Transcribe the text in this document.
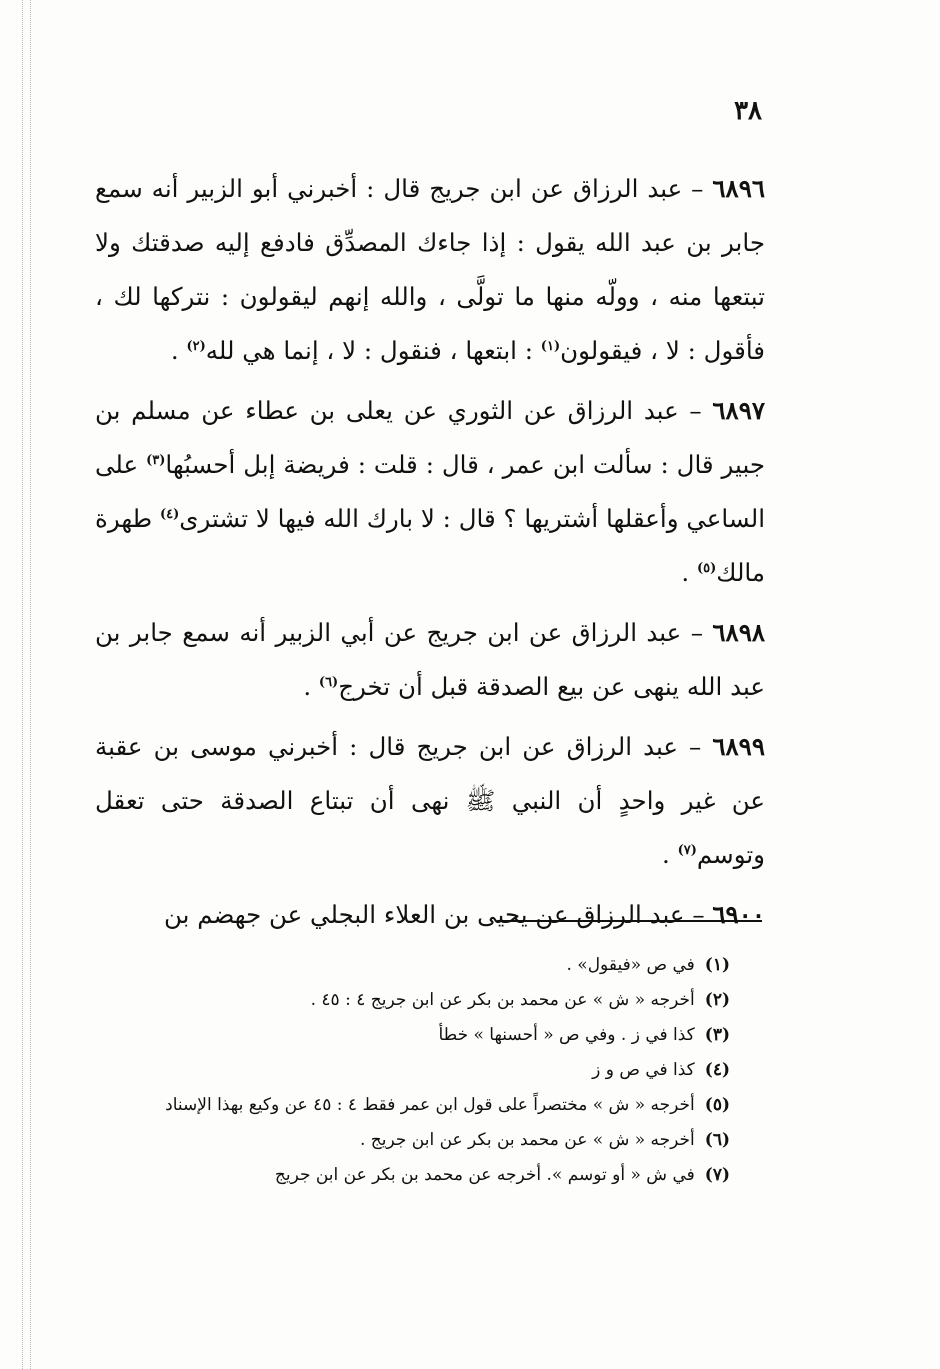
٣٨

٦٨٩٦ – عبد الرزاق عن ابن جريج قال : أخبرني أبو الزبير أنه سمع جابر بن عبد الله يقول : إذا جاءك المصدِّق فادفع إليه صدقتك ولا تبتعها منه ، وولّه منها ما تولَّى ، والله إنهم ليقولون : نتركها لك ، فأقول : لا ، فيقولون$^{(١)}$ : ابتعها ، فنقول : لا ، إنما هي لله$^{(٢)}$ .

٦٨٩٧ – عبد الرزاق عن الثوري عن يعلى بن عطاء عن مسلم بن جبير قال : سألت ابن عمر ، قال : قلت : فريضة إبل أحسبُها$^{(٣)}$ على الساعي وأعقلها أشتريها ؟ قال : لا بارك الله فيها لا تشترى$^{(٤)}$ طهرة مالك$^{(٥)}$ .

٦٨٩٨ – عبد الرزاق عن ابن جريج عن أبي الزبير أنه سمع جابر بن عبد الله ينهى عن بيع الصدقة قبل أن تخرج$^{(٦)}$ .

٦٨٩٩ – عبد الرزاق عن ابن جريج قال : أخبرني موسى بن عقبة عن غير واحدٍ أن النبي ﷺ نهى أن تبتاع الصدقة حتى تعقل وتوسم$^{(٧)}$ .

٦٩٠٠ – عبد الرزاق عن يحيى بن العلاء البجلي عن جهضم بن

(١)في ص «فيقول» .
(٢)أخرجه « ش » عن محمد بن بكر عن ابن جريج ٤ : ٤٥ .
(٣)كذا في ز . وفي ص « أحسنها » خطأ
(٤)كذا في ص و ز
(٥)أخرجه « ش » مختصراً على قول ابن عمر فقط ٤ : ٤٥ عن وكيع بهذا الإسناد
(٦)أخرجه « ش » عن محمد بن بكر عن ابن جريج .
(٧)في ش « أو توسم ». أخرجه عن محمد بن بكر عن ابن جريج
